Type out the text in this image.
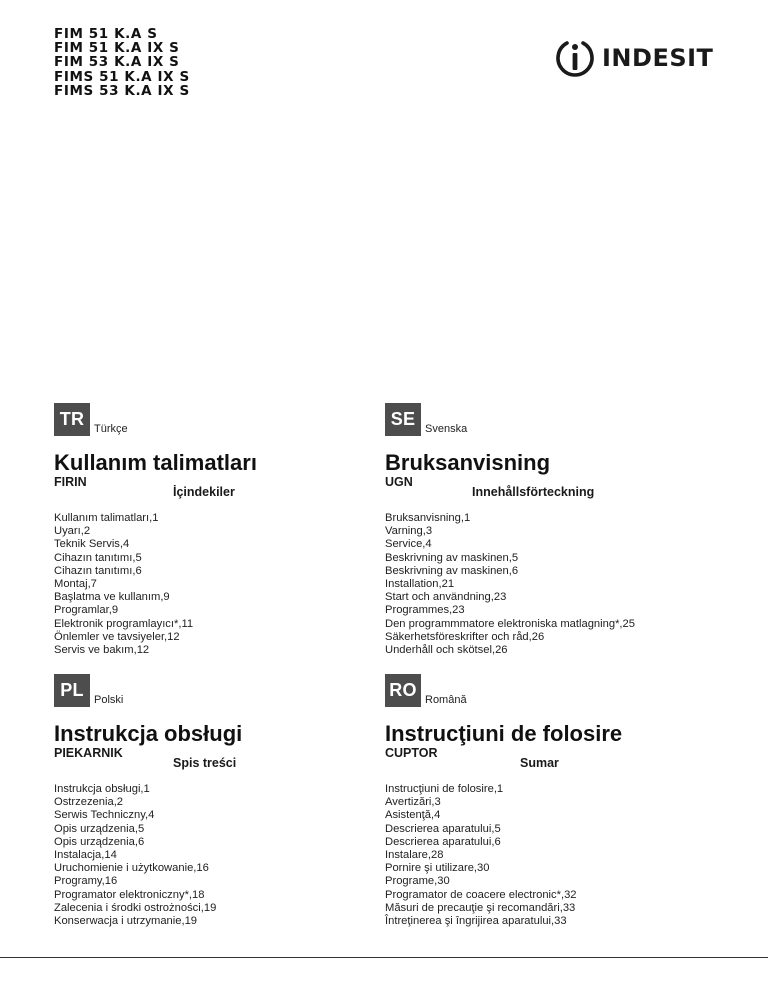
FIM 51 K.A S
FIM 51 K.A IX S
FIM 53 K.A IX S
FIMS 51 K.A IX S
FIMS 53 K.A IX S
INDESIT
TR Türkçe
Kullanım talimatları
FIRIN
İçindekiler
Kullanım talimatları,1
Uyarı,2
Teknik Servis,4
Cihazın tanıtımı,5
Cihazın tanıtımı,6
Montaj,7
Başlatma ve kullanım,9
Programlar,9
Elektronik programlayıcı*,11
Önlemler ve tavsiyeler,12
Servis ve bakım,12
SE Svenska
Bruksanvisning
UGN
Innehållsförteckning
Bruksanvisning,1
Varning,3
Service,4
Beskrivning av maskinen,5
Beskrivning av maskinen,6
Installation,21
Start och användning,23
Programmes,23
Den programmmatore elektroniska matlagning*,25
Säkerhetsföreskrifter och råd,26
Underhåll och skötsel,26
PL Polski
Instrukcja obsługi
PIEKARNIK
Spis treści
Instrukcja obsługi,1
Ostrzezenia,2
Serwis Techniczny,4
Opis urządzenia,5
Opis urządzenia,6
Instalacja,14
Uruchomienie i użytkowanie,16
Programy,16
Programator elektroniczny*,18
Zalecenia i środki ostrożności,19
Konserwacja i utrzymanie,19
RO Română
Instrucţiuni de folosire
CUPTOR
Sumar
Instrucţiuni de folosire,1
Avertizări,3
Asistenţă,4
Descrierea aparatului,5
Descrierea aparatului,6
Instalare,28
Pornire şi utilizare,30
Programe,30
Programator de coacere electronic*,32
Măsuri de precauţie şi recomandări,33
Întreţinerea şi îngrijirea aparatului,33
